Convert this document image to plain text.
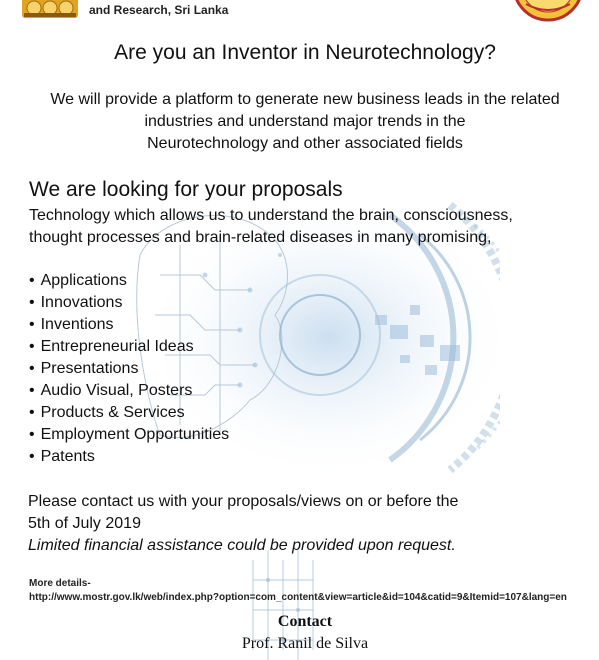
and Research, Sri Lanka
Are you an Inventor in Neurotechnology?
We will provide a platform to generate new business leads in the related
industries and understand major trends in the
Neurotechnology and other associated fields
We are looking for your proposals
Technology which allows us to understand the brain, consciousness,
thought processes and brain-related diseases in many promising,
• Applications
• Innovations
• Inventions
• Entrepreneurial Ideas
• Presentations
• Audio Visual, Posters
• Products & Services
• Employment Opportunities
• Patents
Please contact us with your proposals/views on or before the
5th of July 2019
Limited financial assistance could be provided upon request.
More details-
http://www.mostr.gov.lk/web/index.php?option=com_content&view=article&id=104&catid=9&Itemid=107&lang=en
Contact
Prof. Ranil de Silva
